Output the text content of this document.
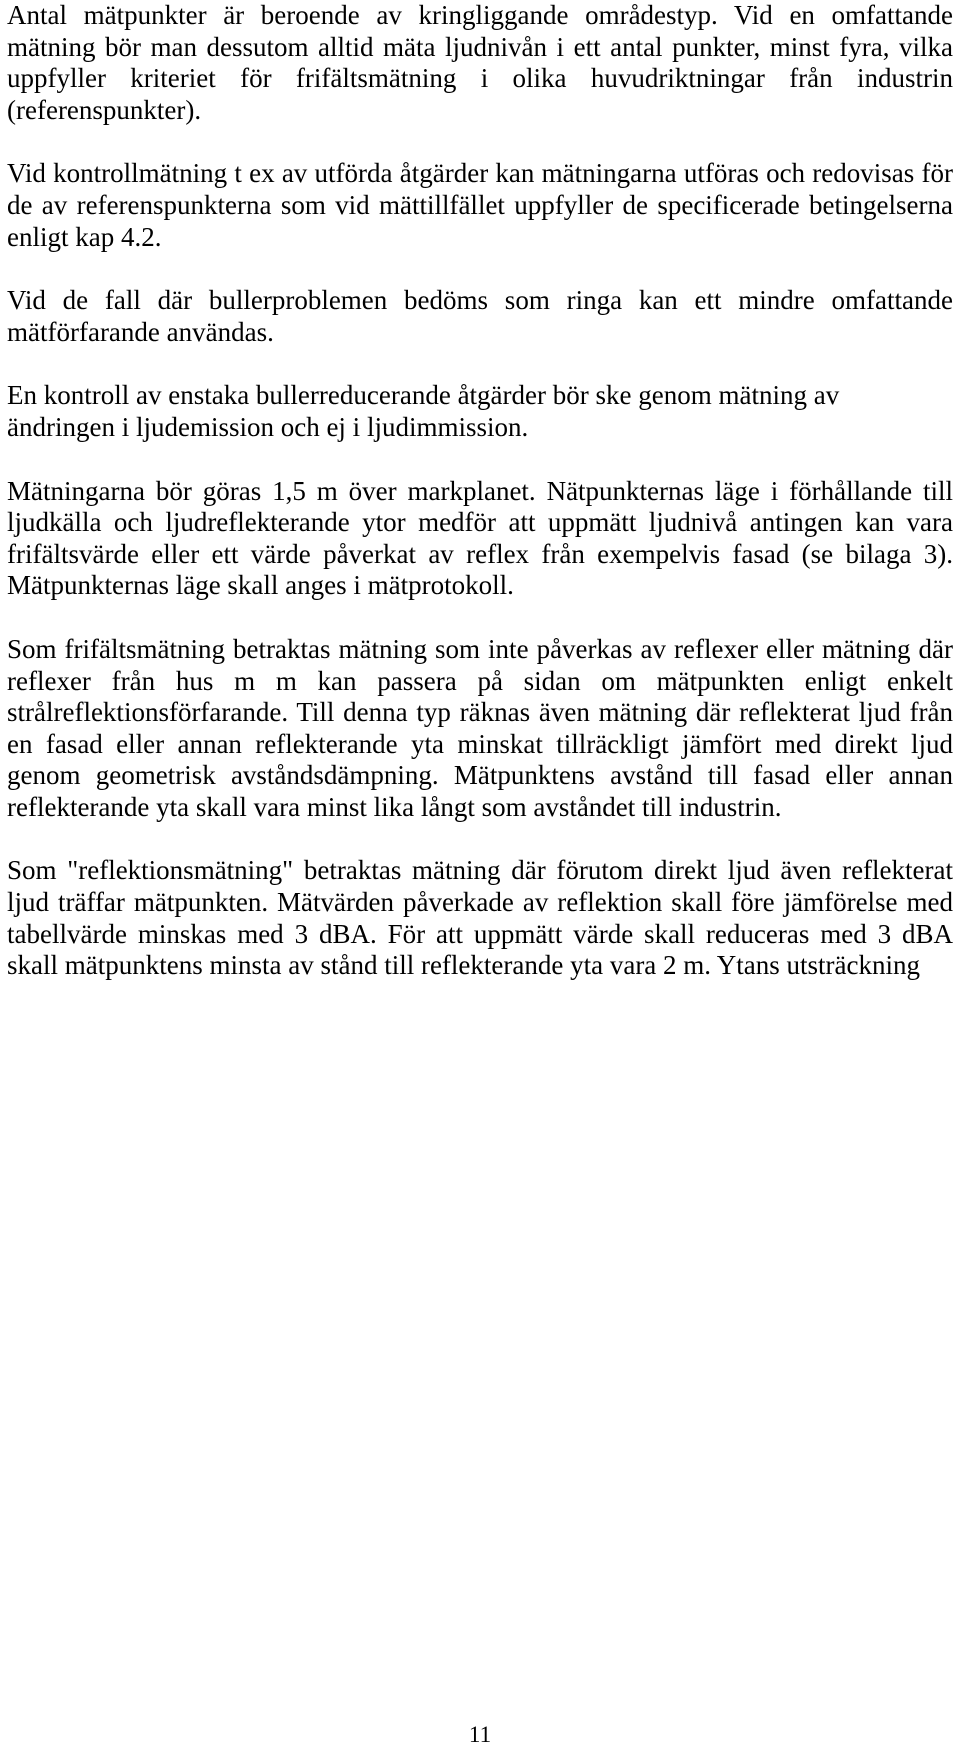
Antal mätpunkter är beroende av kringliggande områdestyp. Vid en omfattande mätning bör man dessutom alltid mäta ljudnivån i ett antal punkter, minst fyra, vilka uppfyller kriteriet för frifältsmätning i olika huvudriktningar från industrin (referenspunkter).

Vid kontrollmätning t ex av utförda åtgärder kan mätningarna utföras och redovisas för de av referenspunkterna som vid mättillfället uppfyller de specificerade betingelserna enligt kap 4.2.

Vid de fall där bullerproblemen bedöms som ringa kan ett mindre omfattande mätförfarande användas.

En kontroll av enstaka bullerreducerande åtgärder bör ske genom mätning av ändringen i ljudemission och ej i ljudimmission.

Mätningarna bör göras 1,5 m över markplanet. Nätpunkternas läge i förhållande till ljudkälla och ljudreflekterande ytor medför att uppmätt ljudnivå antingen kan vara frifältsvärde eller ett värde påverkat av reflex från exempelvis fasad (se bilaga 3). Mätpunkternas läge skall anges i mätprotokoll.

Som frifältsmätning betraktas mätning som inte påverkas av reflexer eller mätning där reflexer från hus m m kan passera på sidan om mätpunkten enligt enkelt strålreflektionsförfarande. Till denna typ räknas även mätning där reflekterat ljud från en fasad eller annan reflekterande yta minskat tillräckligt jämfört med direkt ljud genom geometrisk avståndsdämpning. Mätpunktens avstånd till fasad eller annan reflekterande yta skall vara minst lika långt som avståndet till industrin.

Som "reflektionsmätning" betraktas mätning där förutom direkt ljud även reflekterat ljud träffar mätpunkten. Mätvärden påverkade av reflektion skall före jämförelse med tabellvärde minskas med 3 dBA. För att uppmätt värde skall reduceras med 3 dBA skall mätpunktens minsta av stånd till reflekterande yta vara 2 m. Ytans utsträckning

11
